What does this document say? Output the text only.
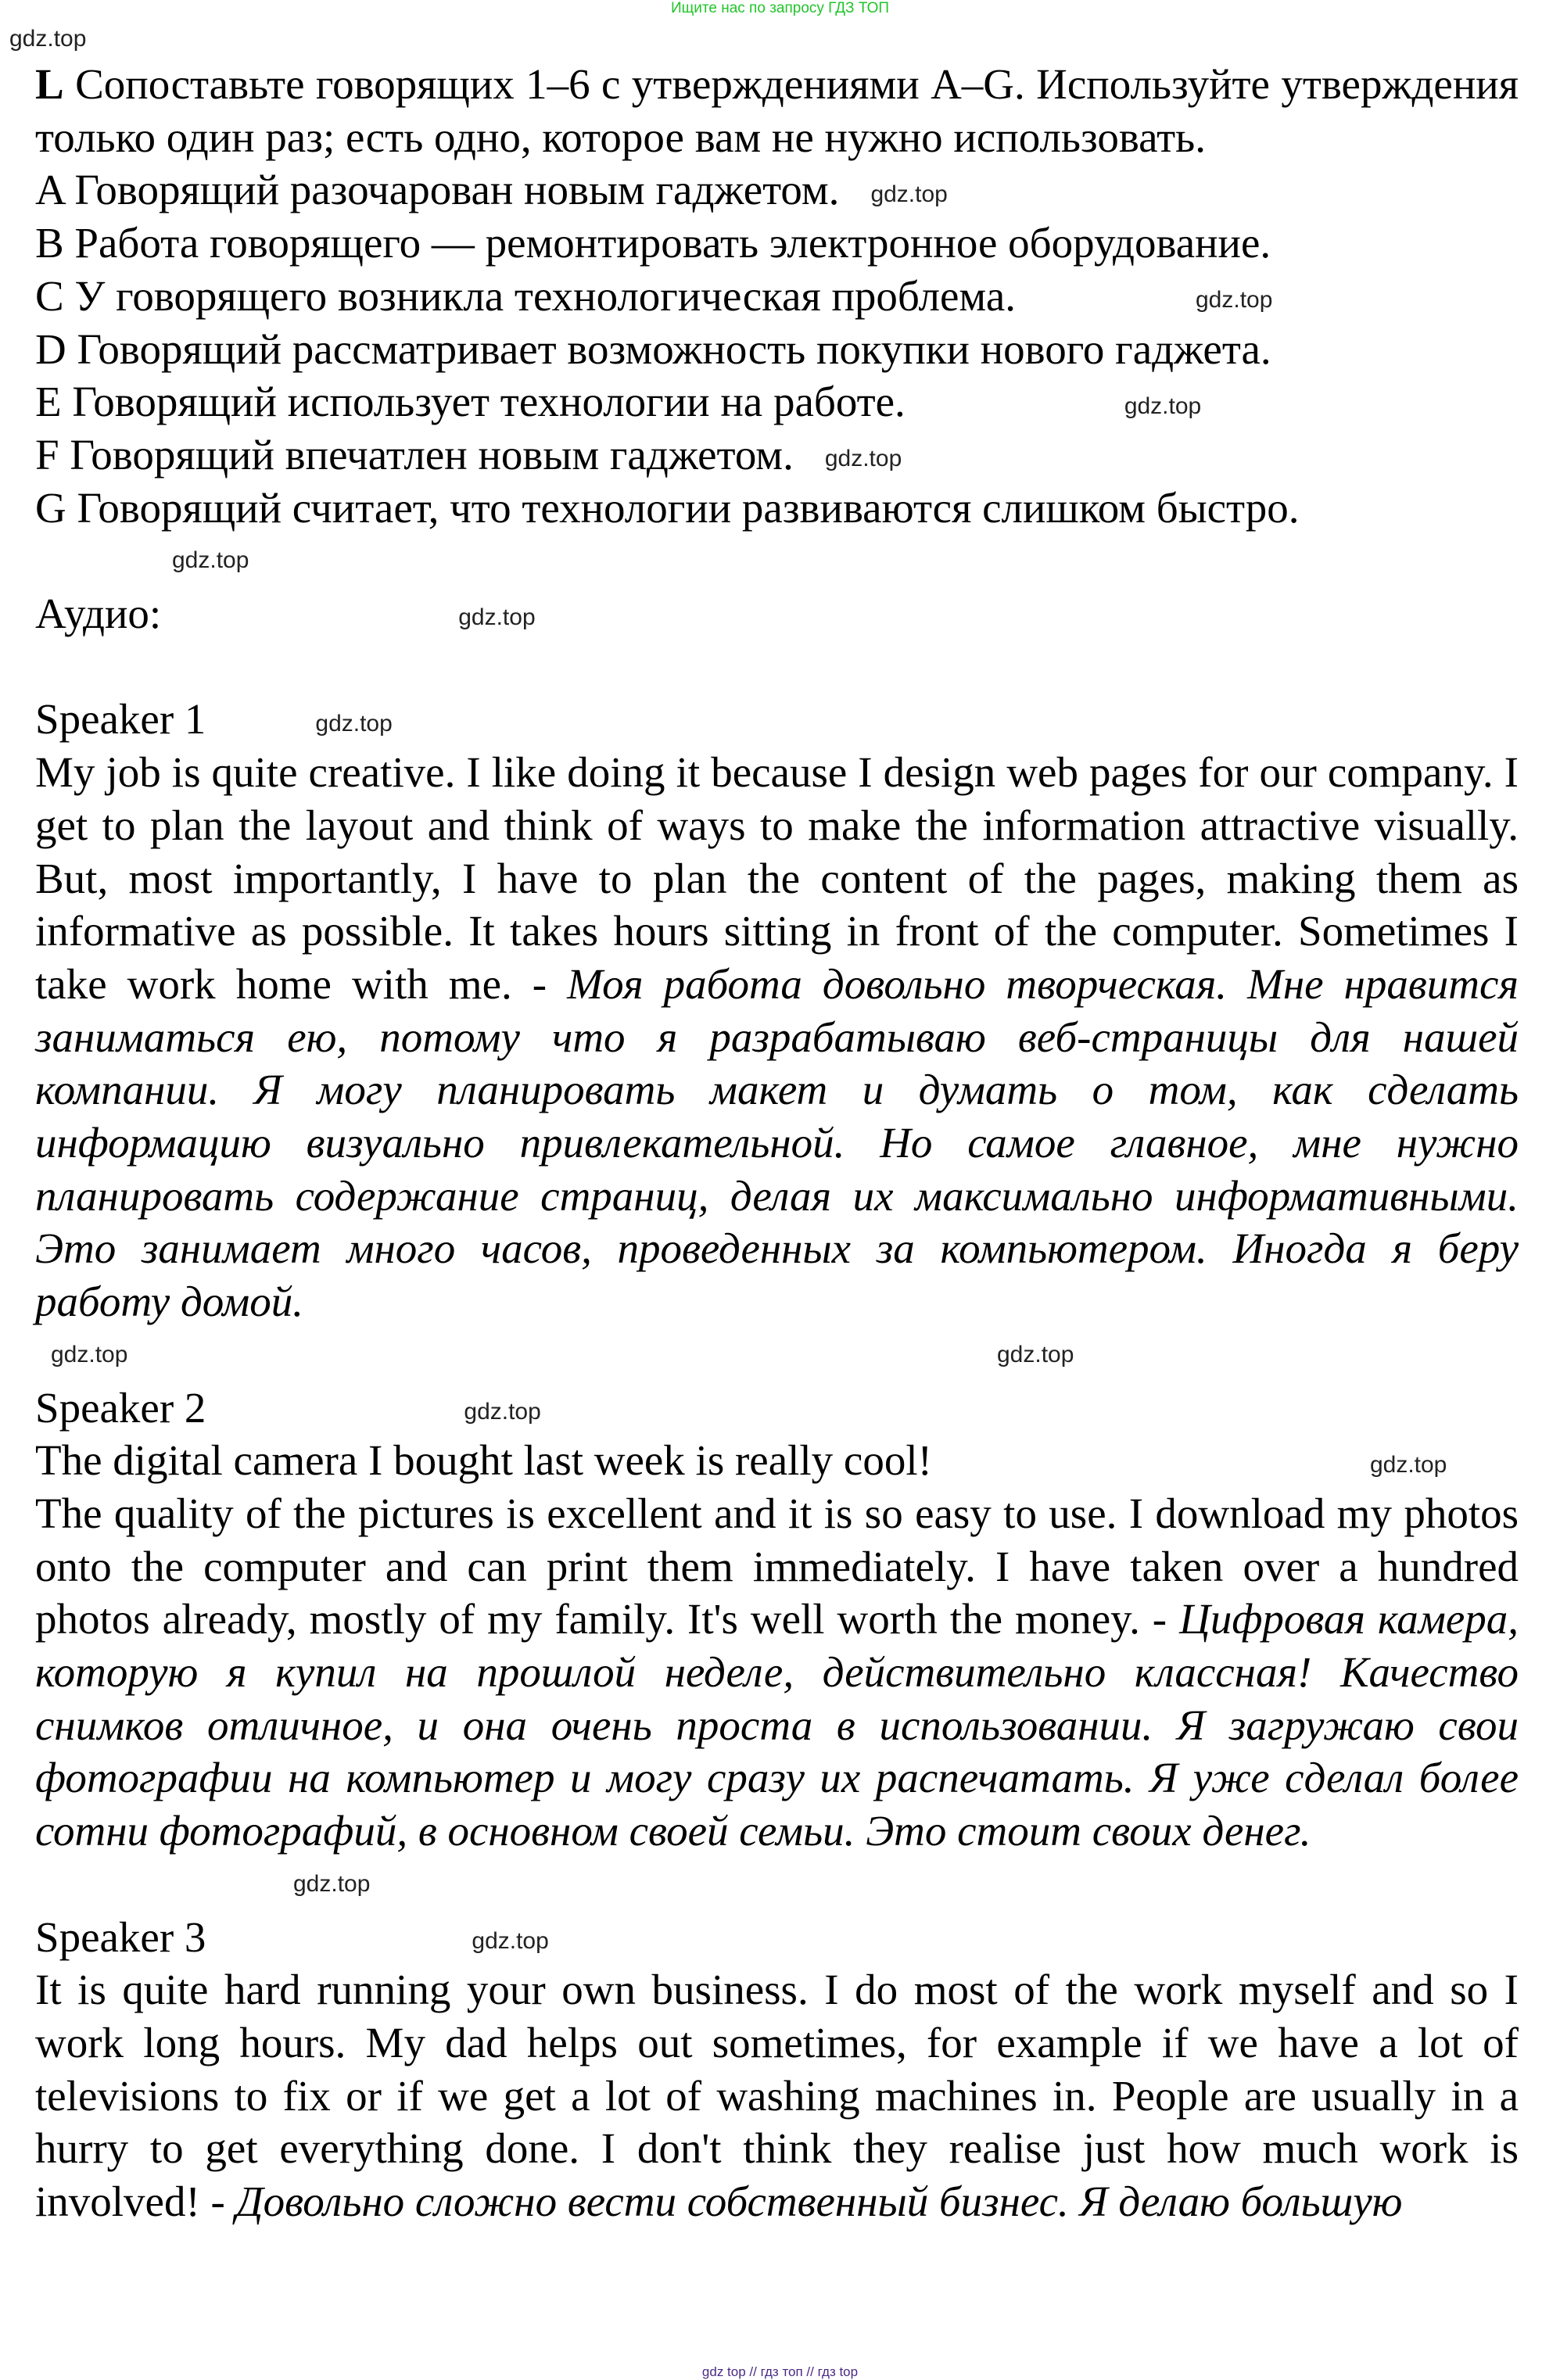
Ищите нас по запросу ГДЗ ТОП
gdz.top

L Сопоставьте говорящих 1–6 с утверждениями A–G. Используйте утверждения только один раз; есть одно, которое вам не нужно использовать.

A Говорящий разочарован новым гаджетом. gdz.top
B Работа говорящего — ремонтировать электронное оборудование.
C У говорящего возникла технологическая проблема.	gdz.top
D Говорящий рассматривает возможность покупки нового гаджета.
E Говорящий использует технологии на работе.	gdz.top
F Говорящий впечатлен новым гаджетом. gdz.top
G Говорящий считает, что технологии развиваются слишком быстро.
gdz.top
Аудио:	gdz.top
Speaker 1	gdz.top

My job is quite creative. I like doing it because I design web pages for our company. I get to plan the layout and think of ways to make the information attractive visually. But, most importantly, I have to plan the content of the pages, making them as informative as possible. It takes hours sitting in front of the computer. Sometimes I take work home with me. - Моя работа довольно творческая. Мне нравится заниматься ею, потому что я разрабатываю веб-страницы для нашей компании. Я могу планировать макет и думать о том, как сделать информацию визуально привлекательной. Но самое главное, мне нужно планировать содержание страниц, делая их максимально информативными. Это занимает много часов, проведенных за компьютером. Иногда я беру работу домой.

gdz.top	gdz.top
Speaker 2	gdz.top
The digital camera I bought last week is really cool!	gdz.top

The quality of the pictures is excellent and it is so easy to use. I download my photos onto the computer and can print them immediately. I have taken over a hundred photos already, mostly of my family. It's well worth the money. - Цифровая камера, которую я купил на прошлой неделе, действительно классная! Качество снимков отличное, и она очень проста в использовании. Я загружаю свои фотографии на компьютер и могу сразу их распечатать. Я уже сделал более сотни фотографий, в основном своей семьи. Это стоит своих денег.

gdz.top
Speaker 3	gdz.top

It is quite hard running your own business. I do most of the work myself and so I work long hours. My dad helps out sometimes, for example if we have a lot of televisions to fix or if we get a lot of washing machines in. People are usually in a hurry to get everything done. I don't think they realise just how much work is involved! - Довольно сложно вести собственный бизнес. Я делаю большую

gdz top // гдз топ // гдз top
